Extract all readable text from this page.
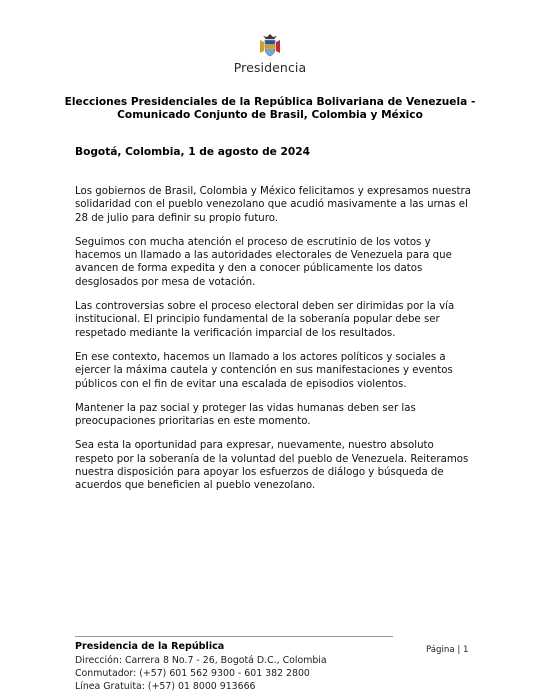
Presidencia
Elecciones Presidenciales de la República Bolivariana de Venezuela -
Comunicado Conjunto de Brasil, Colombia y México
Bogotá, Colombia, 1 de agosto de 2024

Los gobiernos de Brasil, Colombia y México felicitamos y expresamos nuestra solidaridad con el pueblo venezolano que acudió masivamente a las urnas el 28 de julio para definir su propio futuro.

Seguimos con mucha atención el proceso de escrutinio de los votos y hacemos un llamado a las autoridades electorales de Venezuela para que avancen de forma expedita y den a conocer públicamente los datos desglosados por mesa de votación.

Las controversias sobre el proceso electoral deben ser dirimidas por la vía institucional. El principio fundamental de la soberanía popular debe ser respetado mediante la verificación imparcial de los resultados.

En ese contexto, hacemos un llamado a los actores políticos y sociales a ejercer la máxima cautela y contención en sus manifestaciones y eventos públicos con el fin de evitar una escalada de episodios violentos.

Mantener la paz social y proteger las vidas humanas deben ser las preocupaciones prioritarias en este momento.

Sea esta la oportunidad para expresar, nuevamente, nuestro absoluto respeto por la soberanía de la voluntad del pueblo de Venezuela. Reiteramos nuestra disposición para apoyar los esfuerzos de diálogo y búsqueda de acuerdos que beneficien al pueblo venezolano.

Presidencia de la República
Dirección: Carrera 8 No.7 - 26, Bogotá D.C., Colombia
Conmutador: (+57) 601 562 9300 - 601 382 2800
Línea Gratuita: (+57) 01 8000 913666
Página | 1
